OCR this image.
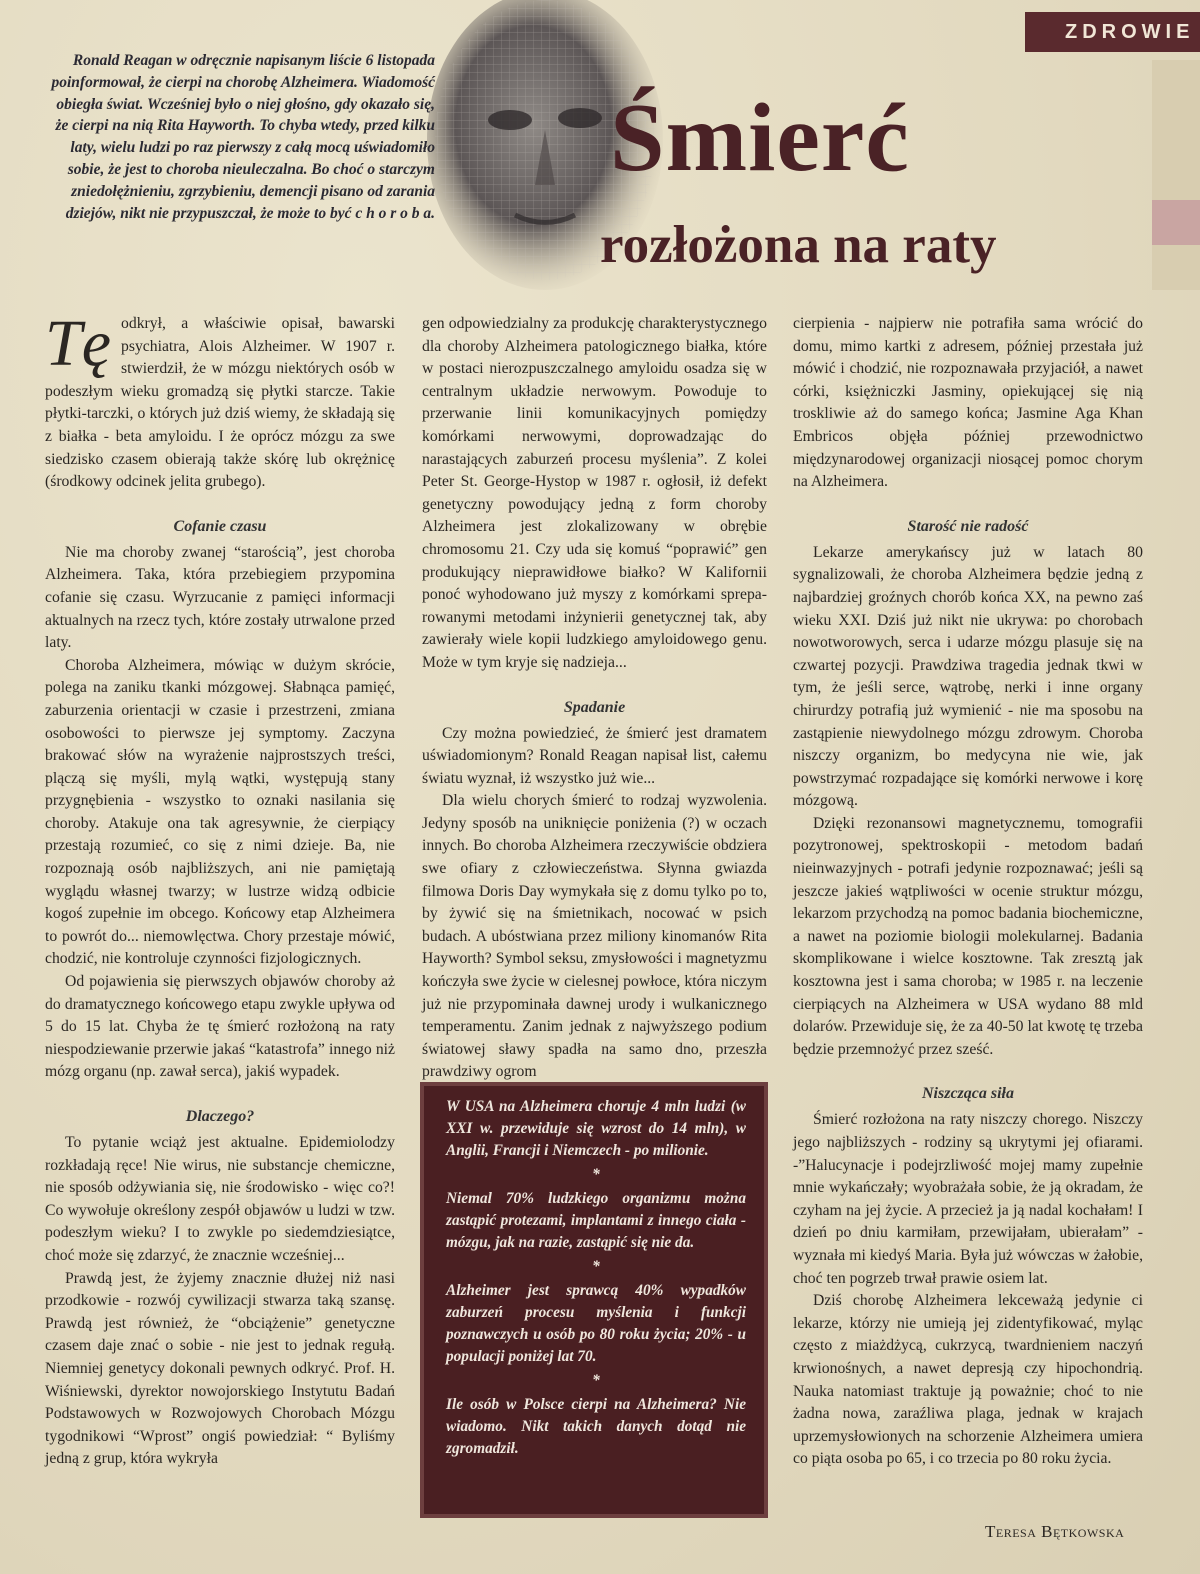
ZDROWIE
Ronald Reagan w odręcznie napisanym liście 6 listopada poinformował, że cierpi na chorobę Alzheimera. Wiadomość obiegła świat. Wcześniej było o niej głośno, gdy okazało się, że cierpi na nią Rita Hayworth. To chyba wtedy, przed kilku laty, wielu ludzi po raz pierwszy z całą mocą uświadomiło sobie, że jest to choroba nieuleczalna. Bo choć o starczym zniedołężnieniu, zgrzybieniu, demencji pisano od zarania dziejów, nikt nie przypuszczał, że może to być c h o r o b a.
Śmierć
rozłożona na raty

Tę odkrył, a właściwie opisał, bawarski psychiatra, Alois Alzheimer. W 1907 r. stwierdził, że w mózgu niektórych osób w podeszłym wieku gromadzą się płytki starcze. Takie płytki-tarczki, o których już dziś wiemy, że składają się z białka - beta amyloidu. I że oprócz mózgu za swe siedzisko czasem obierają także skórę lub okrężnicę (środkowy odcinek jelita grubego).

Cofanie czasu

Nie ma choroby zwanej “starością”, jest choroba Alzheimera. Taka, która przebiegiem przypomina cofanie się czasu. Wyrzucanie z pamięci informacji aktualnych na rzecz tych, które zostały utrwalone przed laty.

Choroba Alzheimera, mówiąc w dużym skrócie, polega na zaniku tkanki mózgowej. Słabnąca pamięć, zaburzenia orientacji w czasie i przestrzeni, zmiana osobowości to pierwsze jej symptomy. Zaczyna brakować słów na wyrażenie najprostszych treści, plączą się myśli, mylą wątki, występują stany przygnębienia - wszystko to oznaki nasilania się choroby. Atakuje ona tak agresywnie, że cierpiący przestają rozumieć, co się z nimi dzieje. Ba, nie rozpoznają osób najbliższych, ani nie pamiętają wyglądu własnej twarzy; w lustrze widzą odbicie kogoś zupełnie im obcego. Końcowy etap Alzheimera to powrót do... niemowlęctwa. Chory przestaje mówić, chodzić, nie kontroluje czynności fizjologicznych.

Od pojawienia się pierwszych objawów choroby aż do dramatycznego końcowego etapu zwykle upływa od 5 do 15 lat. Chyba że tę śmierć rozłożoną na raty niespodziewanie przerwie jakaś “katastrofa” innego niż mózg organu (np. zawał serca), jakiś wypadek.

Dlaczego?

To pytanie wciąż jest aktualne. Epidemiolodzy rozkładają ręce! Nie wirus, nie substancje chemiczne, nie sposób odżywiania się, nie środowisko - więc co?! Co wywołuje określony zespół objawów u ludzi w tzw. podeszłym wieku? I to zwykle po siedemdziesiątce, choć może się zdarzyć, że znacznie wcześniej...

Prawdą jest, że żyjemy znacznie dłużej niż nasi przodkowie - rozwój cywilizacji stwarza taką szansę. Prawdą jest również, że “obciążenie” genetyczne czasem daje znać o sobie - nie jest to jednak regułą. Niemniej genetycy dokonali pewnych odkryć. Prof. H. Wiśniewski, dyrektor nowojorskiego Instytutu Badań Podstawowych w Rozwojowych Chorobach Mózgu tygodnikowi “Wprost” ongiś powiedział: “ Byliśmy jedną z grup, która wykryła

gen odpowiedzialny za produkcję charakterystycznego dla choroby Alzheimera patologicznego białka, które w postaci nierozpuszczalnego amyloidu osadza się w centralnym układzie nerwowym. Powoduje to przerwanie linii komunikacyjnych pomiędzy komórkami nerwowymi, doprowadzając do narastających zaburzeń procesu myślenia”. Z kolei Peter St. George-Hystop w 1987 r. ogłosił, iż defekt genetyczny powodujący jedną z form choroby Alzheimera jest zlokalizowany w obrębie chromosomu 21. Czy uda się komuś “poprawić” gen produkujący nieprawidłowe białko? W Kalifornii ponoć wyhodowano już myszy z komórkami spreparowanymi metodami inżynierii genetycznej tak, aby zawierały wiele kopii ludzkiego amyloidowego genu. Może w tym kryje się nadzieja...

Spadanie

Czy można powiedzieć, że śmierć jest dramatem uświadomionym? Ronald Reagan napisał list, całemu światu wyznał, iż wszystko już wie...

Dla wielu chorych śmierć to rodzaj wyzwolenia. Jedyny sposób na uniknięcie poniżenia (?) w oczach innych. Bo choroba Alzheimera rzeczywiście obdziera swe ofiary z człowieczeństwa. Słynna gwiazda filmowa Doris Day wymykała się z domu tylko po to, by żywić się na śmietnikach, nocować w psich budach. A ubóstwiana przez miliony kinomanów Rita Hayworth? Symbol seksu, zmysłowości i magnetyzmu kończyła swe życie w cielesnej powłoce, która niczym już nie przypominała dawnej urody i wulkanicznego temperamentu. Zanim jednak z najwyższego podium światowej sławy spadła na samo dno, przeszła prawdziwy ogrom

W USA na Alzheimera choruje 4 mln ludzi (w XXI w. przewiduje się wzrost do 14 mln), w Anglii, Francji i Niemczech - po milionie.

*

Niemal 70% ludzkiego organizmu można zastąpić protezami, implantami z innego ciała - mózgu, jak na razie, zastąpić się nie da.

*

Alzheimer jest sprawcą 40% wypadków zaburzeń procesu myślenia i funkcji poznawczych u osób po 80 roku życia; 20% - u populacji poniżej lat 70.

*

Ile osób w Polsce cierpi na Alzheimera? Nie wiadomo. Nikt takich danych dotąd nie zgromadził.

cierpienia - najpierw nie potrafiła sama wrócić do domu, mimo kartki z adresem, później przestała już mówić i chodzić, nie rozpoznawała przyjaciół, a nawet córki, księżniczki Jasminy, opiekującej się nią troskliwie aż do samego końca; Jasmine Aga Khan Embricos objęła później przewodnictwo międzynarodowej organizacji niosącej pomoc chorym na Alzheimera.

Starość nie radość

Lekarze amerykańscy już w latach 80 sygnalizowali, że choroba Alzheimera będzie jedną z najbardziej groźnych chorób końca XX, na pewno zaś wieku XXI. Dziś już nikt nie ukrywa: po chorobach nowotworowych, serca i udarze mózgu plasuje się na czwartej pozycji. Prawdziwa tragedia jednak tkwi w tym, że jeśli serce, wątrobę, nerki i inne organy chirurdzy potrafią już wymienić - nie ma sposobu na zastąpienie niewydolnego mózgu zdrowym. Choroba niszczy organizm, bo medycyna nie wie, jak powstrzymać rozpadające się komórki nerwowe i korę mózgową.

Dzięki rezonansowi magnetycznemu, tomografii pozytronowej, spektroskopii - metodom badań nieinwazyjnych - potrafi jedynie rozpoznawać; jeśli są jeszcze jakieś wątpliwości w ocenie struktur mózgu, lekarzom przychodzą na pomoc badania biochemiczne, a nawet na poziomie biologii molekularnej. Badania skomplikowane i wielce kosztowne. Tak zresztą jak kosztowna jest i sama choroba; w 1985 r. na leczenie cierpiących na Alzheimera w USA wydano 88 mld dolarów. Przewiduje się, że za 40-50 lat kwotę tę trzeba będzie przemnożyć przez sześć.

Niszcząca siła

Śmierć rozłożona na raty niszczy chorego. Niszczy jego najbliższych - rodziny są ukrytymi jej ofiarami. -”Halucynacje i podejrzliwość mojej mamy zupełnie mnie wykańczały; wyobrażała sobie, że ją okradam, że czyham na jej życie. A przecież ja ją nadal kochałam! I dzień po dniu karmiłam, przewijałam, ubierałam” - wyznała mi kiedyś Maria. Była już wówczas w żałobie, choć ten pogrzeb trwał prawie osiem lat.

Dziś chorobę Alzheimera lekceważą jedynie ci lekarze, którzy nie umieją jej zidentyfikować, myląc często z miażdżycą, cukrzycą, twardnieniem naczyń krwionośnych, a nawet depresją czy hipochondrią. Nauka natomiast traktuje ją poważnie; choć to nie żadna nowa, zaraźliwa plaga, jednak w krajach uprzemysłowionych na schorzenie Alzheimera umiera co piąta osoba po 65, i co trzecia po 80 roku życia.

Teresa Bętkowska
